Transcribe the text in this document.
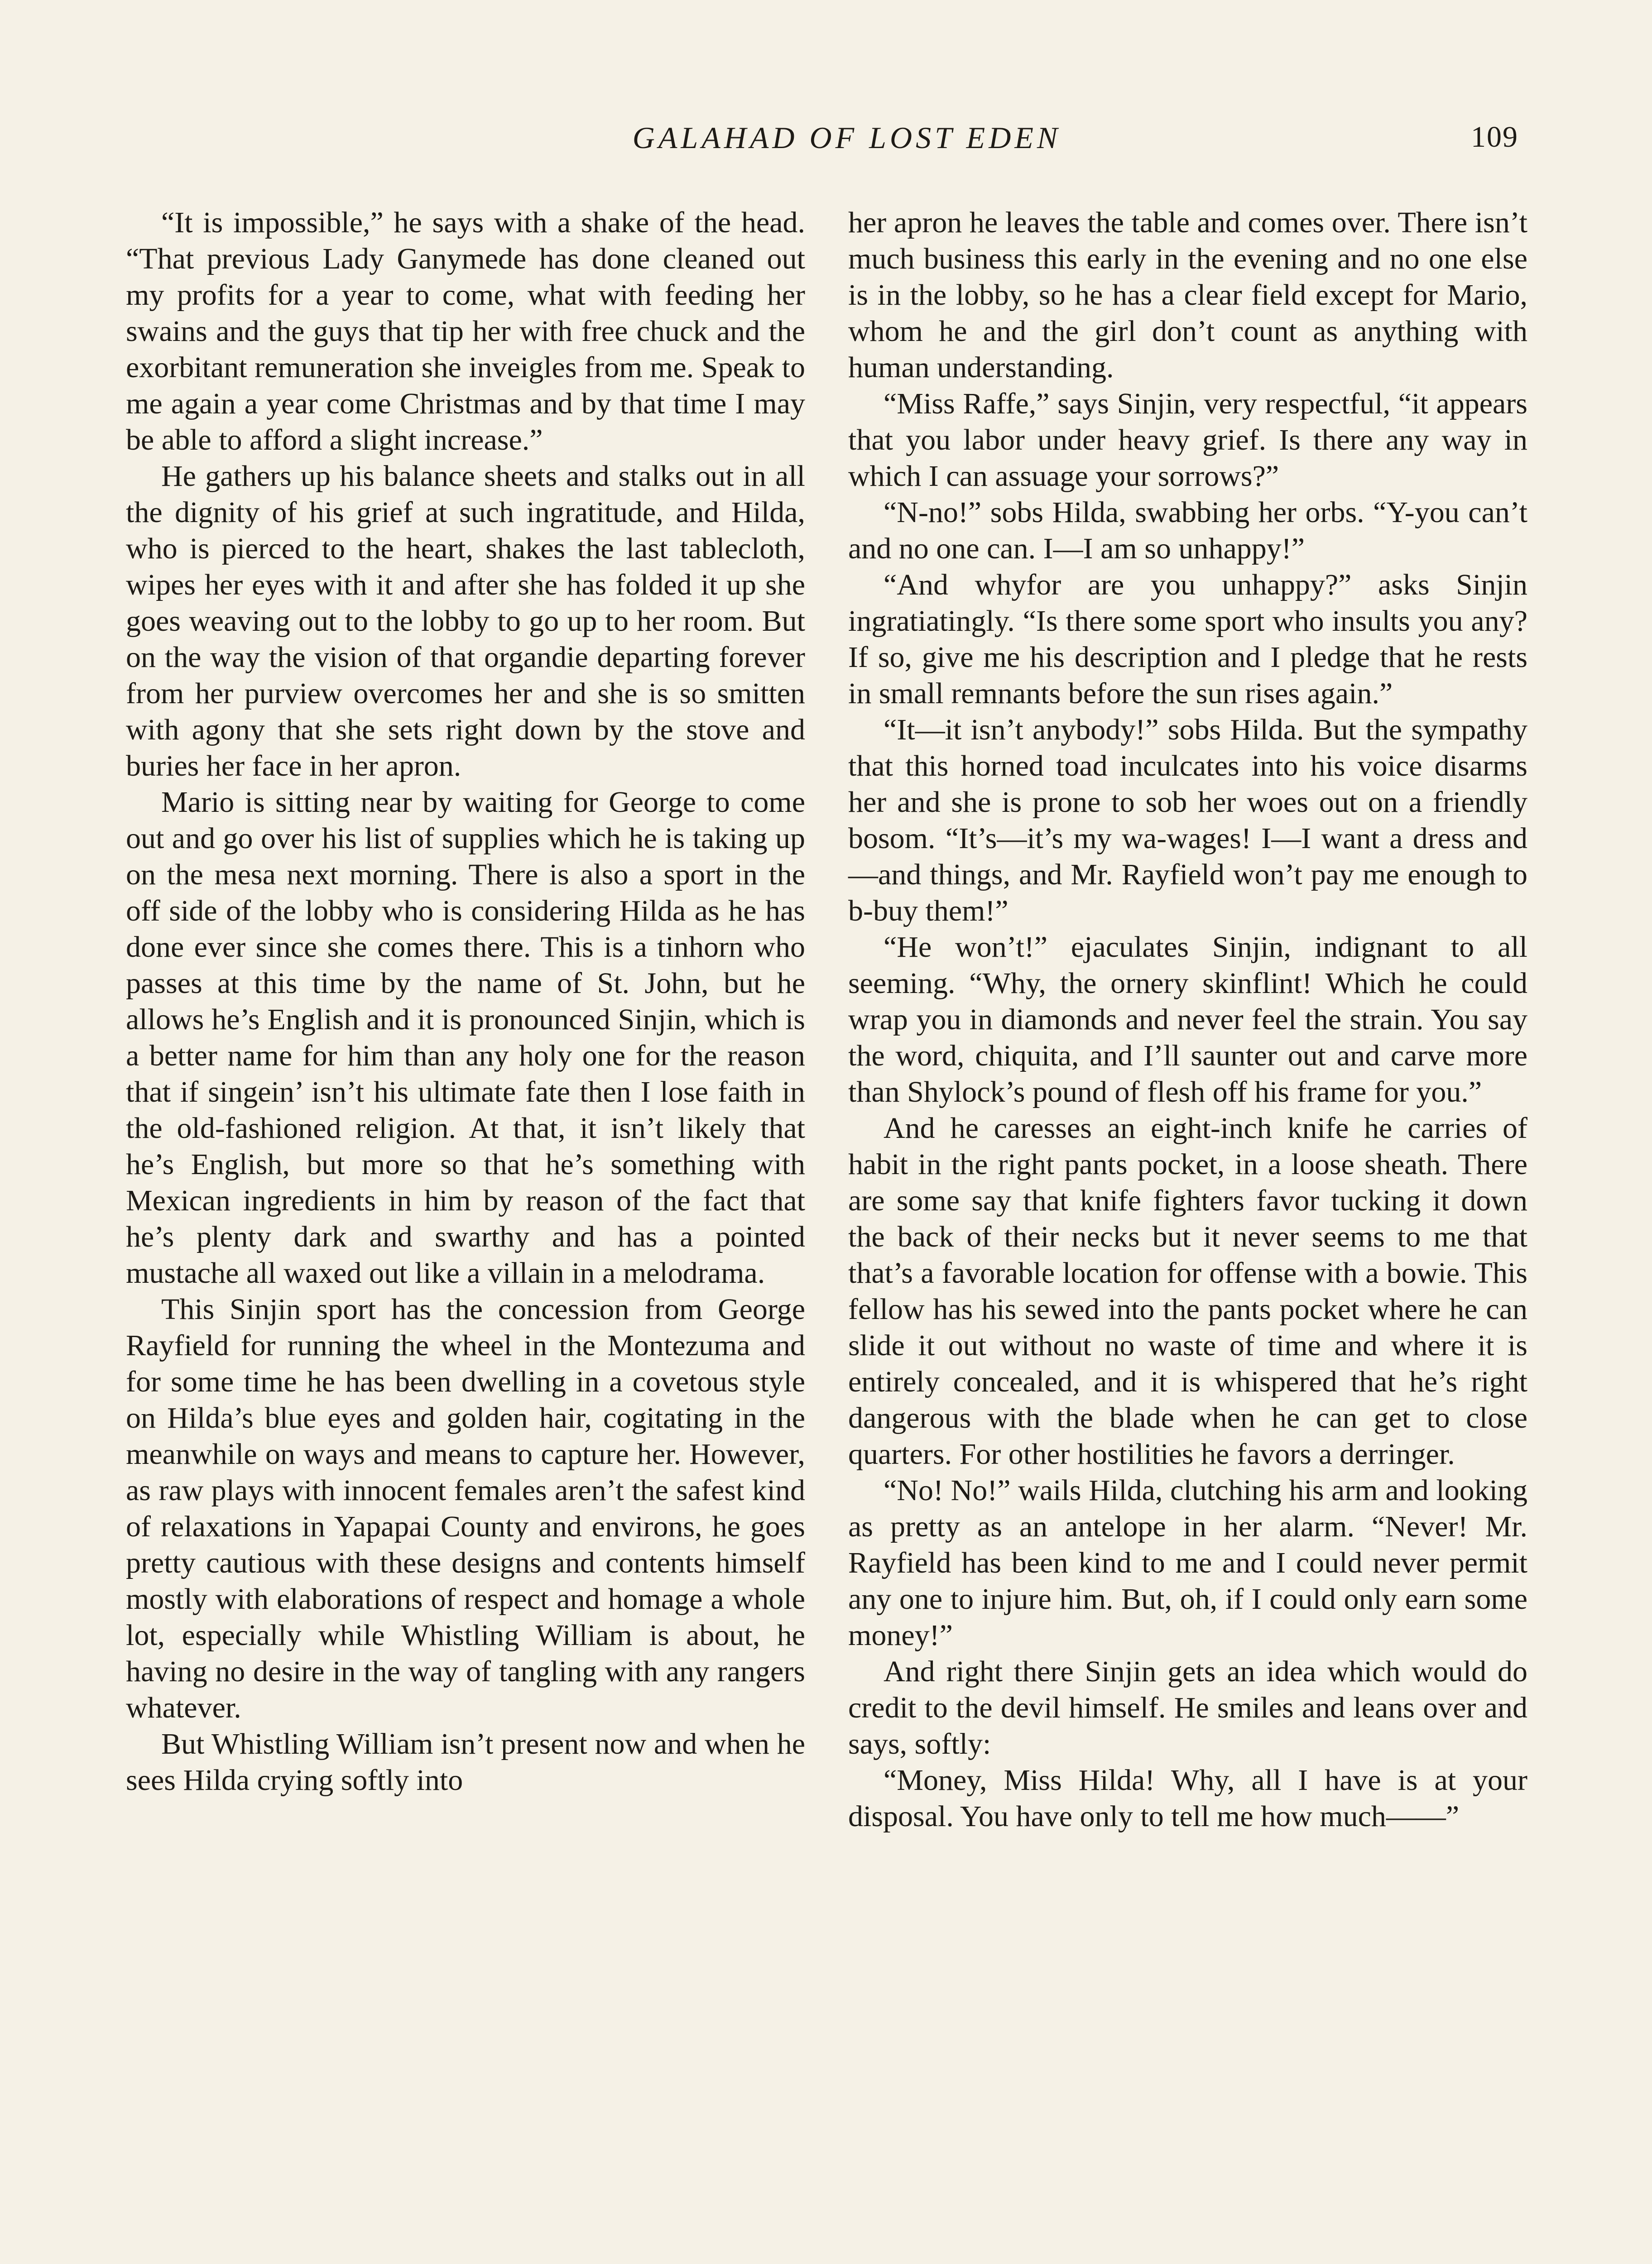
GALAHAD OF LOST EDEN	109

“It is impossible,” he says with a shake of the head. “That previous Lady Ganymede has done cleaned out my profits for a year to come, what with feeding her swains and the guys that tip her with free chuck and the exorbitant remuneration she inveigles from me. Speak to me again a year come Christmas and by that time I may be able to afford a slight increase.”

He gathers up his balance sheets and stalks out in all the dignity of his grief at such ingratitude, and Hilda, who is pierced to the heart, shakes the last tablecloth, wipes her eyes with it and after she has folded it up she goes weaving out to the lobby to go up to her room. But on the way the vision of that organdie departing forever from her purview overcomes her and she is so smitten with agony that she sets right down by the stove and buries her face in her apron.

Mario is sitting near by waiting for George to come out and go over his list of supplies which he is taking up on the mesa next morning. There is also a sport in the off side of the lobby who is considering Hilda as he has done ever since she comes there. This is a tinhorn who passes at this time by the name of St. John, but he allows he’s English and it is pronounced Sinjin, which is a better name for him than any holy one for the reason that if singein’ isn’t his ultimate fate then I lose faith in the old-fashioned religion. At that, it isn’t likely that he’s English, but more so that he’s something with Mexican ingredients in him by reason of the fact that he’s plenty dark and swarthy and has a pointed mustache all waxed out like a villain in a melodrama.

This Sinjin sport has the concession from George Rayfield for running the wheel in the Montezuma and for some time he has been dwelling in a covetous style on Hilda’s blue eyes and golden hair, cogitating in the meanwhile on ways and means to capture her. However, as raw plays with innocent females aren’t the safest kind of relaxations in Yapapai County and environs, he goes pretty cautious with these designs and contents himself mostly with elaborations of respect and homage a whole lot, especially while Whistling William is about, he having no desire in the way of tangling with any rangers whatever.

But Whistling William isn’t present now and when he sees Hilda crying softly into

her apron he leaves the table and comes over. There isn’t much business this early in the evening and no one else is in the lobby, so he has a clear field except for Mario, whom he and the girl don’t count as anything with human understanding.

“Miss Raffe,” says Sinjin, very respectful, “it appears that you labor under heavy grief. Is there any way in which I can assuage your sorrows?”

“N-no!” sobs Hilda, swabbing her orbs. “Y-you can’t and no one can. I—I am so unhappy!”

“And whyfor are you unhappy?” asks Sinjin ingratiatingly. “Is there some sport who insults you any? If so, give me his description and I pledge that he rests in small remnants before the sun rises again.”

“It—it isn’t anybody!” sobs Hilda. But the sympathy that this horned toad inculcates into his voice disarms her and she is prone to sob her woes out on a friendly bosom. “It’s—it’s my wa-wages! I—I want a dress and—and things, and Mr. Rayfield won’t pay me enough to b-buy them!”

“He won’t!” ejaculates Sinjin, indignant to all seeming. “Why, the ornery skinflint! Which he could wrap you in diamonds and never feel the strain. You say the word, chiquita, and I’ll saunter out and carve more than Shylock’s pound of flesh off his frame for you.”

And he caresses an eight-inch knife he carries of habit in the right pants pocket, in a loose sheath. There are some say that knife fighters favor tucking it down the back of their necks but it never seems to me that that’s a favorable location for offense with a bowie. This fellow has his sewed into the pants pocket where he can slide it out without no waste of time and where it is entirely concealed, and it is whispered that he’s right dangerous with the blade when he can get to close quarters. For other hostilities he favors a derringer.

“No! No!” wails Hilda, clutching his arm and looking as pretty as an antelope in her alarm. “Never! Mr. Rayfield has been kind to me and I could never permit any one to injure him. But, oh, if I could only earn some money!”

And right there Sinjin gets an idea which would do credit to the devil himself. He smiles and leans over and says, softly:

“Money, Miss Hilda! Why, all I have is at your disposal. You have only to tell me how much——”
